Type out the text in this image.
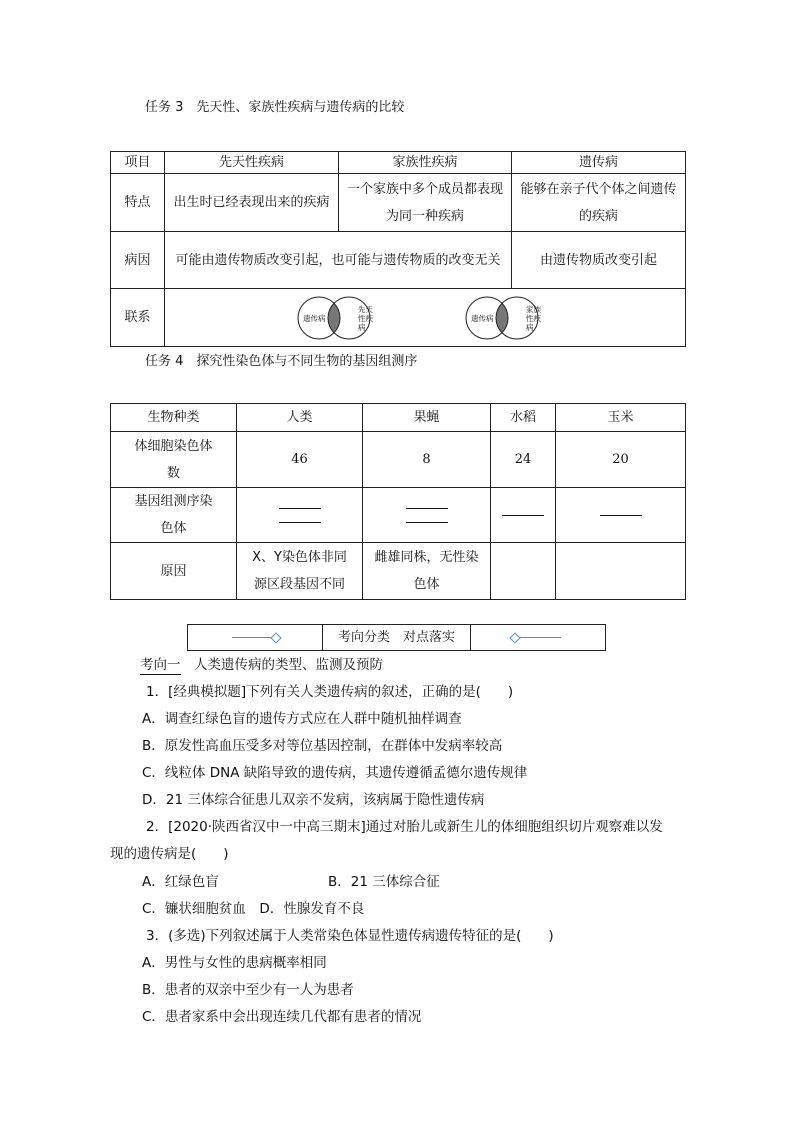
任务 3　先天性、家族性疾病与遗传病的比较
项目	先天性疾病	家族性疾病	遗传病
特点	出生时已经表现出来的疾病	一个家族中多个成员都表现为同一种疾病	能够在亲子代个体之间遗传的疾病
病因	可能由遗传物质改变引起，也可能与遗传物质的改变无关		由遗传物质改变引起
联系	遗传病
先天性疾病

遗传病
家族性疾病		
任务 4　探究性染色体与不同生物的基因组测序
生物种类	人类	果蝇	水稻	玉米
体细胞染色体数	46	8	24	20
基因组测序染色体	

原因	X、Y染色体非同源区段基因不同	雌雄同株，无性染色体		
考向分类　对点落实
考向一　人类遗传病的类型、监测及预防
1．[经典模拟题]下列有关人类遗传病的叙述，正确的是(　　)
A．调查红绿色盲的遗传方式应在人群中随机抽样调查
B．原发性高血压受多对等位基因控制，在群体中发病率较高
C．线粒体 DNA 缺陷导致的遗传病，其遗传遵循孟德尔遗传规律
D．21 三体综合征患儿双亲不发病，该病属于隐性遗传病
2．[2020·陕西省汉中一中高三期末]通过对胎儿或新生儿的体细胞组织切片观察难以发
现的遗传病是(　　)
A．红绿色盲	B．21 三体综合征
C．镰状细胞贫血　D．性腺发育不良
3．(多选)下列叙述属于人类常染色体显性遗传病遗传特征的是(　　)
A．男性与女性的患病概率相同
B．患者的双亲中至少有一人为患者
C．患者家系中会出现连续几代都有患者的情况
